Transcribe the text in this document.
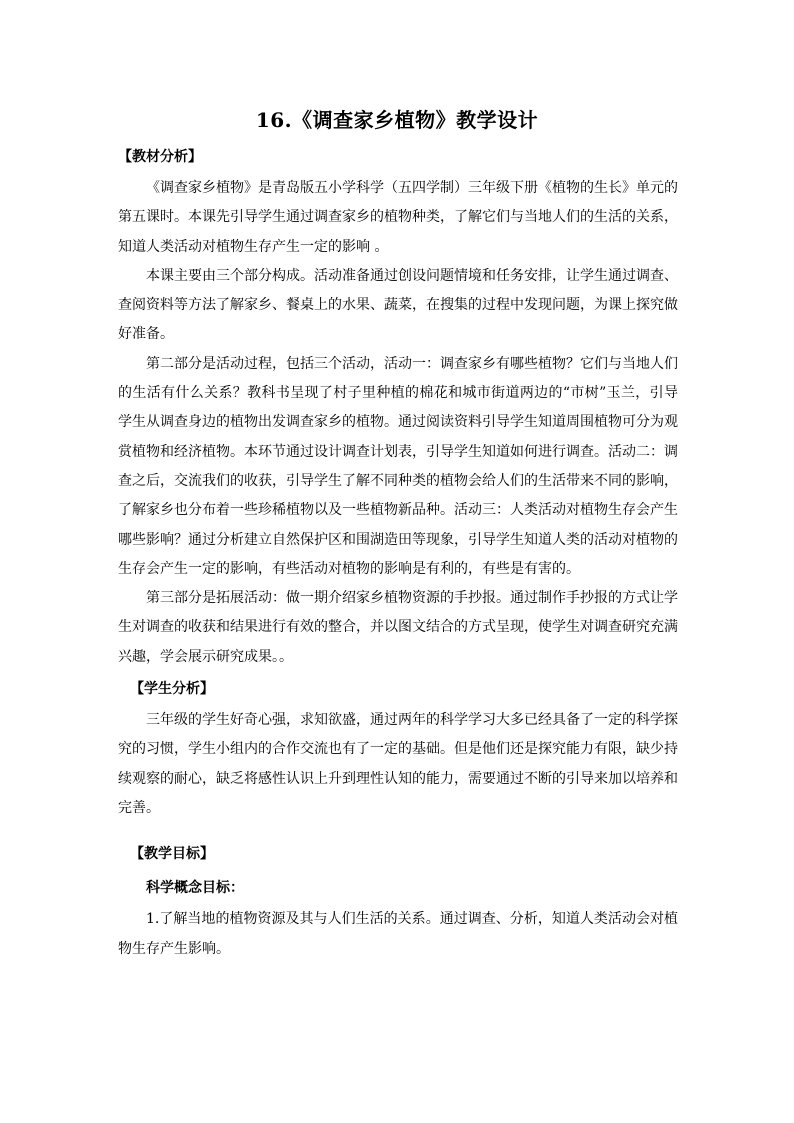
16.《调查家乡植物》教学设计

【教材分析】

《调查家乡植物》是青岛版五小学科学（五四学制）三年级下册《植物的生长》单元的第五课时。本课先引导学生通过调查家乡的植物种类，了解它们与当地人们的生活的关系，知道人类活动对植物生存产生一定的影响 。

本课主要由三个部分构成。活动准备通过创设问题情境和任务安排，让学生通过调查、查阅资料等方法了解家乡、餐桌上的水果、蔬菜，在搜集的过程中发现问题，为课上探究做好准备。

第二部分是活动过程，包括三个活动，活动一：调查家乡有哪些植物？它们与当地人们的生活有什么关系？教科书呈现了村子里种植的棉花和城市街道两边的“市树”玉兰，引导学生从调查身边的植物出发调查家乡的植物。通过阅读资料引导学生知道周围植物可分为观赏植物和经济植物。本环节通过设计调查计划表，引导学生知道如何进行调查。活动二：调查之后，交流我们的收获，引导学生了解不同种类的植物会给人们的生活带来不同的影响，了解家乡也分布着一些珍稀植物以及一些植物新品种。活动三：人类活动对植物生存会产生哪些影响？通过分析建立自然保护区和围湖造田等现象，引导学生知道人类的活动对植物的生存会产生一定的影响，有些活动对植物的影响是有利的，有些是有害的。

第三部分是拓展活动：做一期介绍家乡植物资源的手抄报。通过制作手抄报的方式让学生对调查的收获和结果进行有效的整合，并以图文结合的方式呈现，使学生对调查研究充满兴趣，学会展示研究成果。。

【学生分析】

三年级的学生好奇心强，求知欲盛，通过两年的科学学习大多已经具备了一定的科学探究的习惯，学生小组内的合作交流也有了一定的基础。但是他们还是探究能力有限，缺少持续观察的耐心，缺乏将感性认识上升到理性认知的能力，需要通过不断的引导来加以培养和完善。

【教学目标】

科学概念目标：

1.了解当地的植物资源及其与人们生活的关系。通过调查、分析，知道人类活动会对植物生存产生影响。
